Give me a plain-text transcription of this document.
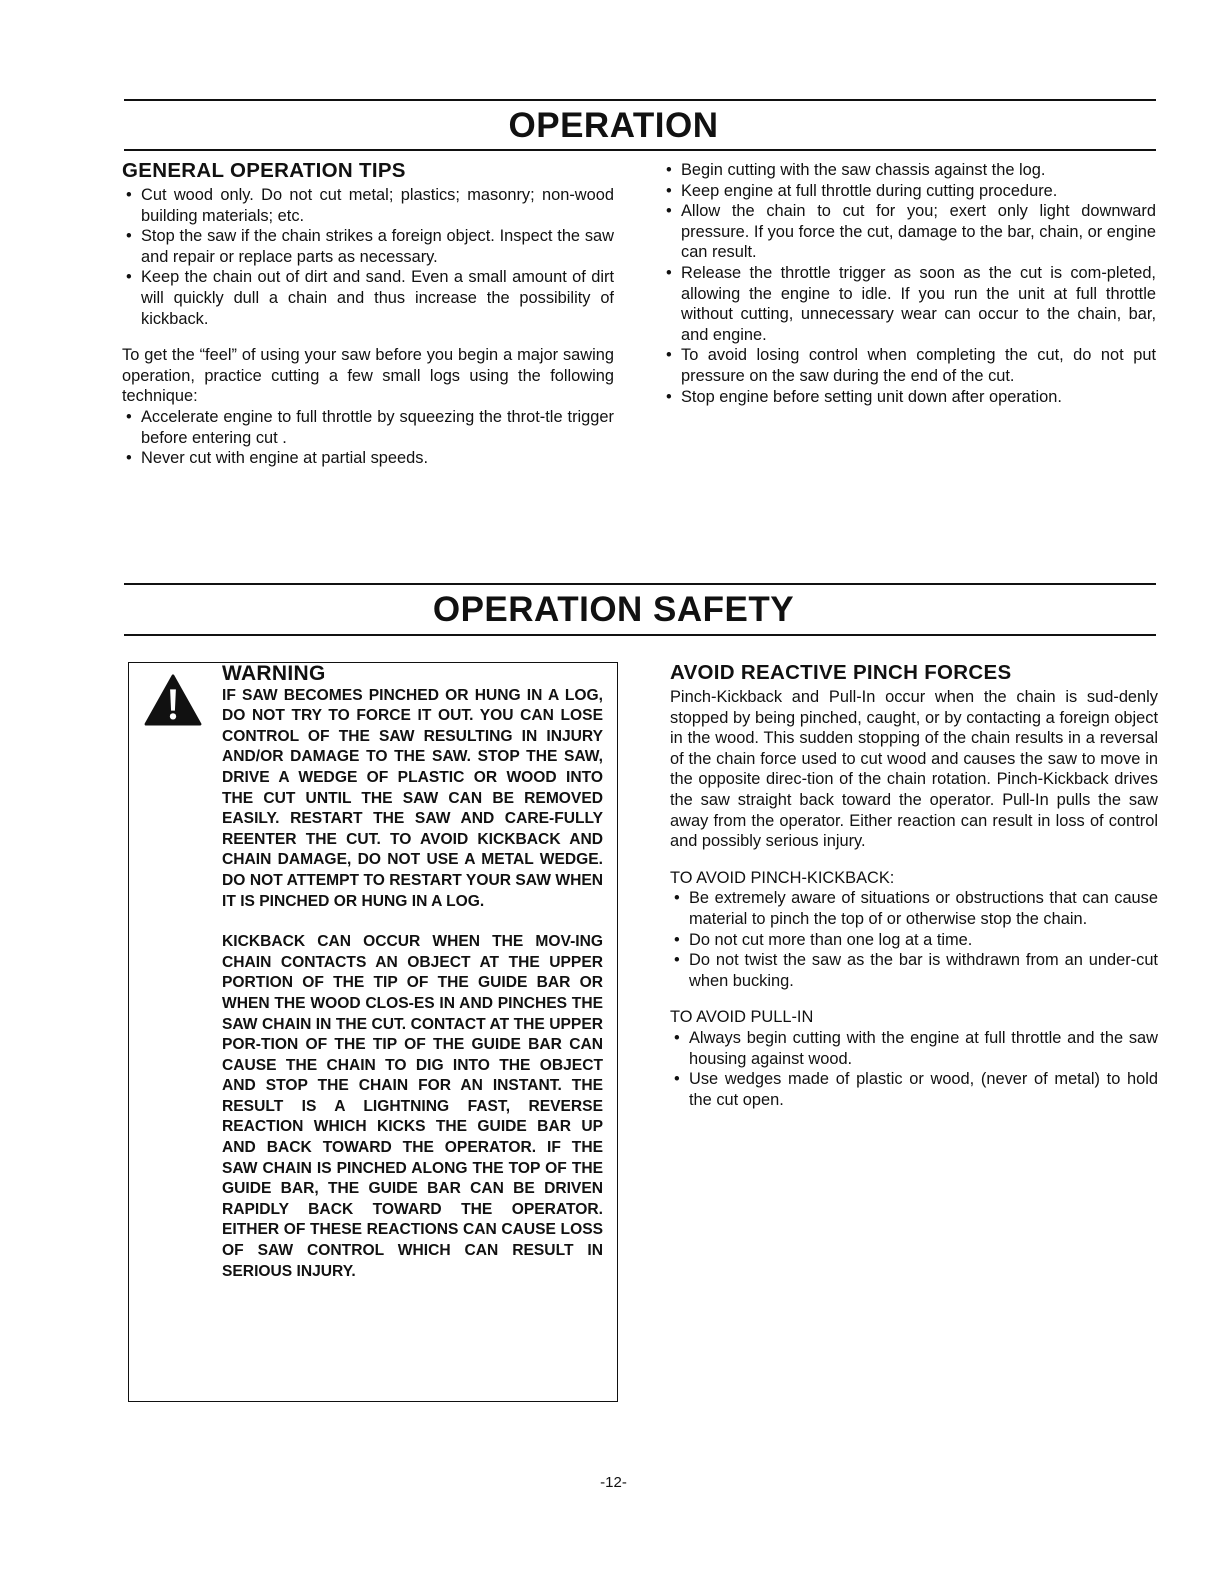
OPERATION
GENERAL OPERATION TIPS
• Cut wood only. Do not cut metal; plastics; masonry; non-wood building materials; etc.
• Stop the saw if the chain strikes a foreign object. Inspect the saw and repair or replace parts as necessary.
• Keep the chain out of dirt and sand. Even a small amount of dirt will quickly dull a chain and thus increase the possibility of kickback.

To get the “feel” of using your saw before you begin a major sawing operation, practice cutting a few small logs using the following technique:

• Accelerate engine to full throttle by squeezing the throt-tle trigger before entering cut .
• Never cut with engine at partial speeds.
• Begin cutting with the saw chassis against the log.
• Keep engine at full throttle during cutting procedure.
• Allow the chain to cut for you; exert only light downward pressure. If you force the cut, damage to the bar, chain, or engine can result.
• Release the throttle trigger as soon as the cut is com-pleted, allowing the engine to idle. If you run the unit at full throttle without cutting, unnecessary wear can occur to the chain, bar, and engine.
• To avoid losing control when completing the cut, do not put pressure on the saw during the end of the cut.
• Stop engine before setting unit down after operation.
OPERATION SAFETY
WARNING

IF SAW BECOMES PINCHED OR HUNG IN A LOG, DO NOT TRY TO FORCE IT OUT. YOU CAN LOSE CONTROL OF THE SAW RESULTING IN INJURY AND/OR DAMAGE TO THE SAW. STOP THE SAW, DRIVE A WEDGE OF PLASTIC OR WOOD INTO THE CUT UNTIL THE SAW CAN BE REMOVED EASILY. RESTART THE SAW AND CARE-FULLY REENTER THE CUT. TO AVOID KICKBACK AND CHAIN DAMAGE, DO NOT USE A METAL WEDGE. DO NOT ATTEMPT TO RESTART YOUR SAW WHEN IT IS PINCHED OR HUNG IN A LOG.

KICKBACK CAN OCCUR WHEN THE MOV-ING CHAIN CONTACTS AN OBJECT AT THE UPPER PORTION OF THE TIP OF THE GUIDE BAR OR WHEN THE WOOD CLOS-ES IN AND PINCHES THE SAW CHAIN IN THE CUT. CONTACT AT THE UPPER POR-TION OF THE TIP OF THE GUIDE BAR CAN CAUSE THE CHAIN TO DIG INTO THE OBJECT AND STOP THE CHAIN FOR AN INSTANT. THE RESULT IS A LIGHTNING FAST, REVERSE REACTION WHICH KICKS THE GUIDE BAR UP AND BACK TOWARD THE OPERATOR. IF THE SAW CHAIN IS PINCHED ALONG THE TOP OF THE GUIDE BAR, THE GUIDE BAR CAN BE DRIVEN RAPIDLY BACK TOWARD THE OPERATOR. EITHER OF THESE REACTIONS CAN CAUSE LOSS OF SAW CONTROL WHICH CAN RESULT IN SERIOUS INJURY.

AVOID REACTIVE PINCH FORCES

Pinch-Kickback and Pull-In occur when the chain is sud-denly stopped by being pinched, caught, or by contacting a foreign object in the wood. This sudden stopping of the chain results in a reversal of the chain force used to cut wood and causes the saw to move in the opposite direc-tion of the chain rotation. Pinch-Kickback drives the saw straight back toward the operator. Pull-In pulls the saw away from the operator. Either reaction can result in loss of control and possibly serious injury.

TO AVOID PINCH-KICKBACK:

• Be extremely aware of situations or obstructions that can cause material to pinch the top of or otherwise stop the chain.
• Do not cut more than one log at a time.
• Do not twist the saw as the bar is withdrawn from an under-cut when bucking.

TO AVOID PULL-IN

• Always begin cutting with the engine at full throttle and the saw housing against wood.
• Use wedges made of plastic or wood, (never of metal) to hold the cut open.
-12-
